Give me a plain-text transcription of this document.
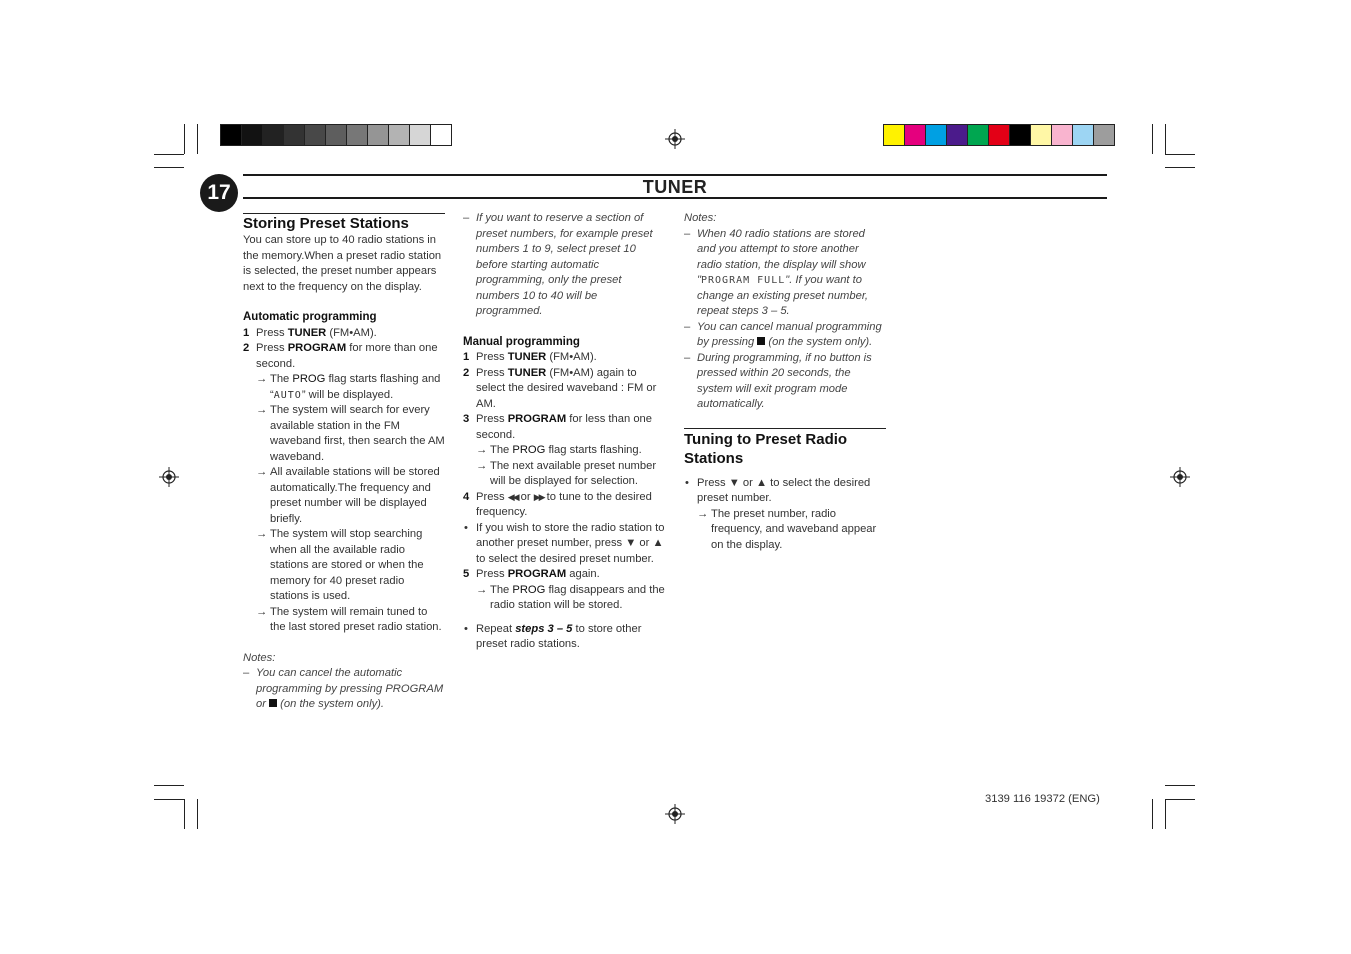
17	TUNER
Storing Preset Stations

You can store up to 40 radio stations in the memory.When a preset radio station is selected, the preset number appears next to the frequency on the display.

Automatic programming
1 Press TUNER (FM•AM).
2 Press PROGRAM for more than one second.
→ The PROG flag starts flashing and “AUTO” will be displayed.
→ The system will search for every available station in the FM waveband first, then search the AM waveband.
→ All available stations will be stored automatically.The frequency and preset number will be displayed briefly.
→ The system will stop searching when all the available radio stations are stored or when the memory for 40 preset radio stations is used.
→ The system will remain tuned to the last stored preset radio station.

Notes:

– You can cancel the automatic programming by pressing PROGRAM or  (on the system only).
– If you want to reserve a section of preset numbers, for example preset numbers 1 to 9, select preset 10 before starting automatic programming, only the preset numbers 10 to 40 will be programmed.
Manual programming
1 Press TUNER (FM•AM).
2 Press TUNER (FM•AM) again to select the desired waveband : FM or AM.
3 Press PROGRAM for less than one second.
→ The PROG flag starts flashing.
→ The next available preset number will be displayed for selection.
4 Press ◀◀ or ▶▶ to tune to the desired frequency.
• If you wish to store the radio station to another preset number, press ▼ or ▲ to select the desired preset number.
5 Press PROGRAM again.
→ The PROG flag disappears and the radio station will be stored.
• Repeat steps 3 – 5 to store other preset radio stations.

Notes:

– When 40 radio stations are stored and you attempt to store another radio station, the display will show "PROGRAM FULL". If you want to change an existing preset number, repeat steps 3 – 5.
– You can cancel manual programming by pressing  (on the system only).
– During programming, if no button is pressed within 20 seconds, the system will exit program mode automatically.
Tuning to Preset Radio Stations
• Press ▼ or ▲ to select the desired preset number.
→ The preset number, radio frequency, and waveband appear on the display.
3139 116 19372 (ENG)
